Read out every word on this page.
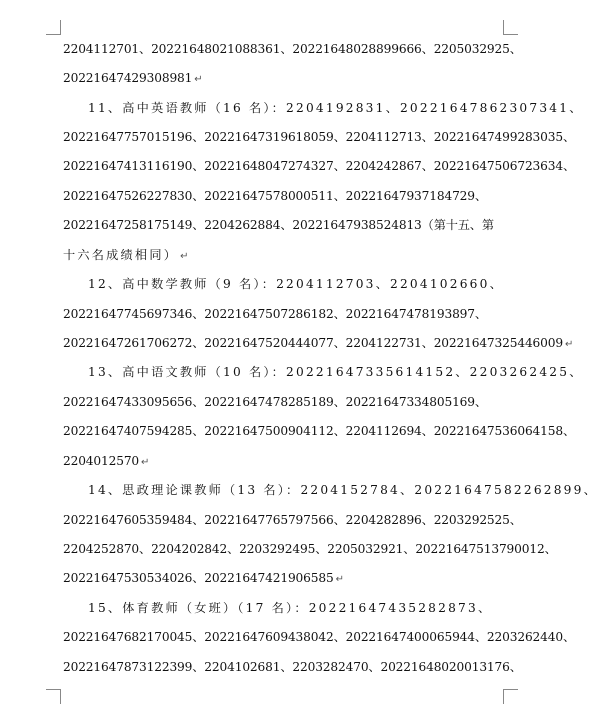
2204112701、20221648021088361、20221648028899666、2205032925、
20221647429308981 ↵
11、高中英语教师（16 名）：2204192831、20221647862307341、
20221647757015196、20221647319618059、2204112713、20221647499283035、
20221647413116190、20221648047274327、2204242867、20221647506723634、
20221647526227830、20221647578000511、20221647937184729、
20221647258175149、2204262884、20221647938524813（第十五、第
十六名成绩相同） ↵
12、高中数学教师（9 名）：2204112703、2204102660、
20221647745697346、20221647507286182、20221647478193897、
20221647261706272、20221647520444077、2204122731、20221647325446009 ↵
13、高中语文教师（10 名）：20221647335614152、2203262425、
20221647433095656、20221647478285189、20221647334805169、
20221647407594285、20221647500904112、2204112694、20221647536064158、
2204012570 ↵
14、思政理论课教师（13 名）：2204152784、20221647582262899、
20221647605359484、20221647765797566、2204282896、2203292525、
2204252870、2204202842、2203292495、2205032921、20221647513790012、
20221647530534026、20221647421906585 ↵
15、体育教师（女班）（17 名）：20221647435282873、
20221647682170045、20221647609438042、20221647400065944、2203262440、
20221647873122399、2204102681、2203282470、20221648020013176、
